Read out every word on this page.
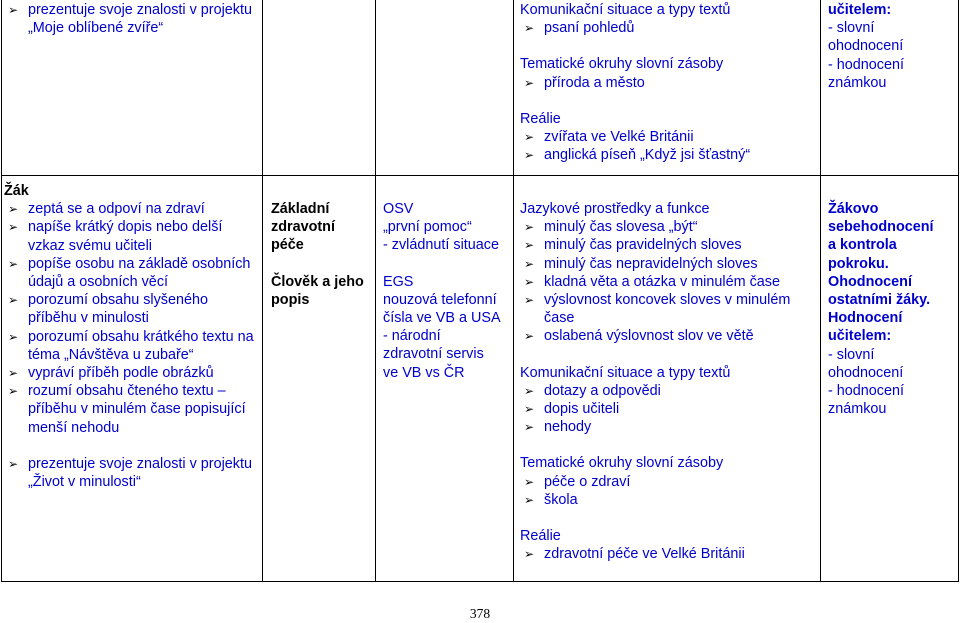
➢ prezentuje svoje znalosti v projektu „Moje oblíbené zvíře“
Komunikační situace a typy textů
➢ psaní pohledů
Tematické okruhy slovní zásoby
➢ příroda a město
Reálie
➢ zvířata ve Velké Británii
➢ anglická píseň „Když jsi šťastný“
učitelem:
- slovní
ohodnocení
- hodnocení
známkou
Žák
➢ zeptá se a odpoví na zdraví
➢ napíše krátký dopis nebo delší vzkaz svému učiteli
➢ popíše osobu na základě osobních údajů a osobních věcí
➢ porozumí obsahu slyšeného příběhu v minulosti
➢ porozumí obsahu krátkého textu na téma „Návštěva u zubaře“
➢ vypráví příběh podle obrázků
➢ rozumí obsahu čteného textu – příběhu v minulém čase popisující menší nehodu
➢ prezentuje svoje znalosti v projektu „Život v minulosti“
Základní
zdravotní
péče
Člověk a jeho
popis
OSV
„první pomoc“
- zvládnutí situace
EGS
nouzová telefonní
čísla ve VB a USA
- národní
zdravotní servis
ve VB vs ČR
Jazykové prostředky a funkce
➢ minulý čas slovesa „být“
➢ minulý čas pravidelných sloves
➢ minulý čas nepravidelných sloves
➢ kladná věta a otázka v minulém čase
➢ výslovnost koncovek sloves v minulém čase
➢ oslabená výslovnost slov ve větě
Komunikační situace a typy textů
➢ dotazy a odpovědi
➢ dopis učiteli
➢ nehody
Tematické okruhy slovní zásoby
➢ péče o zdraví
➢ škola
Reálie
➢ zdravotní péče ve Velké Británii
Žákovo
sebehodnocení
a kontrola
pokroku.
Ohodnocení
ostatními žáky.
Hodnocení
učitelem:
- slovní
ohodnocení
- hodnocení
známkou
378
